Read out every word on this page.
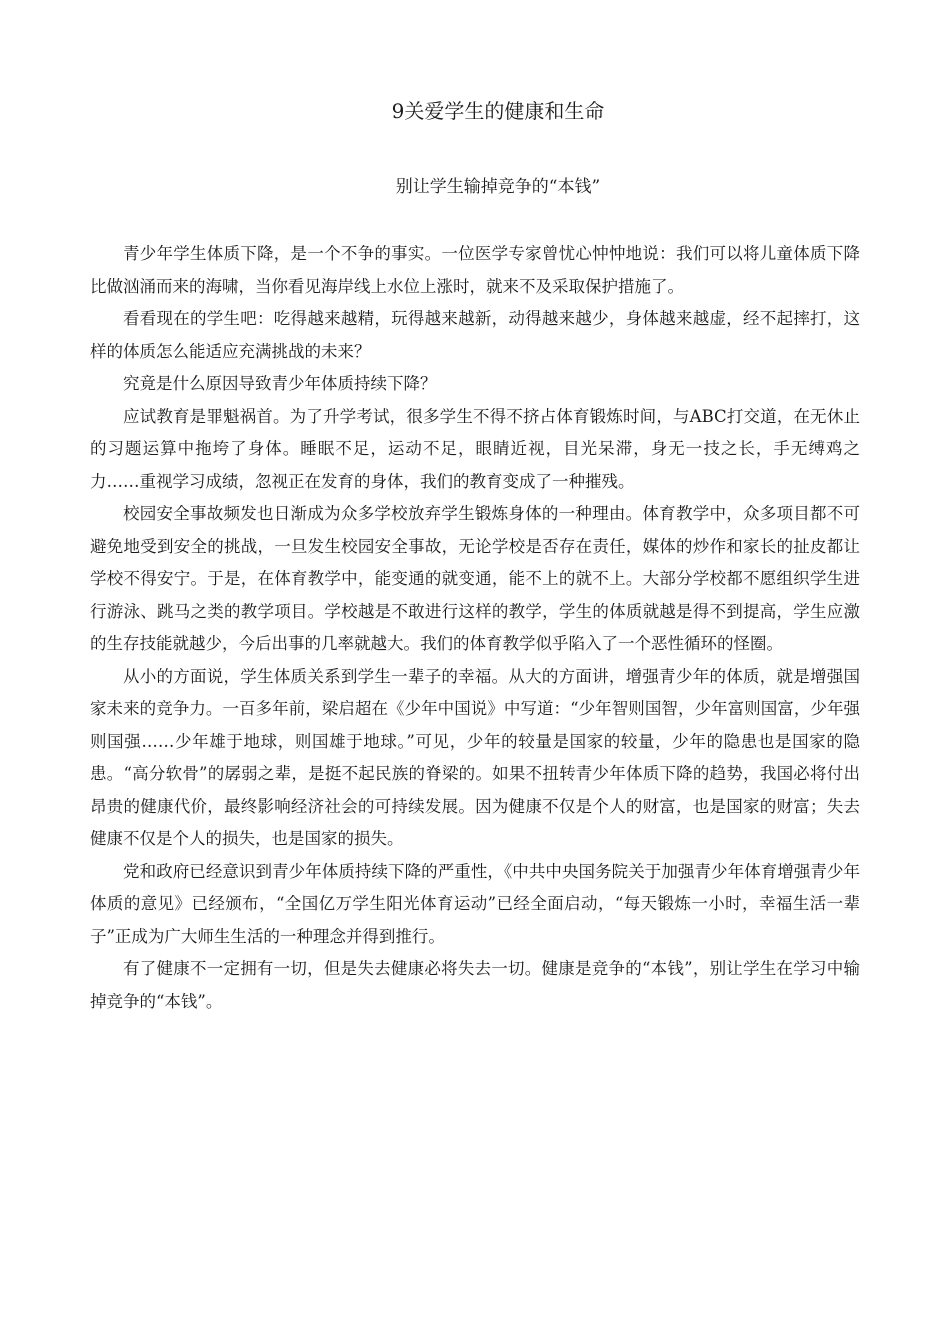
9关爱学生的健康和生命
别让学生输掉竞争的“本钱”

青少年学生体质下降，是一个不争的事实。一位医学专家曾忧心忡忡地说：我们可以将儿童体质下降比做汹涌而来的海啸，当你看见海岸线上水位上涨时，就来不及采取保护措施了。

看看现在的学生吧：吃得越来越精，玩得越来越新，动得越来越少，身体越来越虚，经不起摔打，这样的体质怎么能适应充满挑战的未来？

究竟是什么原因导致青少年体质持续下降？

应试教育是罪魁祸首。为了升学考试，很多学生不得不挤占体育锻炼时间，与ABC打交道，在无休止的习题运算中拖垮了身体。睡眠不足，运动不足，眼睛近视，目光呆滞，身无一技之长，手无缚鸡之力……重视学习成绩，忽视正在发育的身体，我们的教育变成了一种摧残。

校园安全事故频发也日渐成为众多学校放弃学生锻炼身体的一种理由。体育教学中，众多项目都不可避免地受到安全的挑战，一旦发生校园安全事故，无论学校是否存在责任，媒体的炒作和家长的扯皮都让学校不得安宁。于是，在体育教学中，能变通的就变通，能不上的就不上。大部分学校都不愿组织学生进行游泳、跳马之类的教学项目。学校越是不敢进行这样的教学，学生的体质就越是得不到提高，学生应激的生存技能就越少，今后出事的几率就越大。我们的体育教学似乎陷入了一个恶性循环的怪圈。

从小的方面说，学生体质关系到学生一辈子的幸福。从大的方面讲，增强青少年的体质，就是增强国家未来的竞争力。一百多年前，梁启超在《少年中国说》中写道：“少年智则国智，少年富则国富，少年强则国强……少年雄于地球，则国雄于地球。”可见，少年的较量是国家的较量，少年的隐患也是国家的隐患。“高分软骨”的孱弱之辈，是挺不起民族的脊梁的。如果不扭转青少年体质下降的趋势，我国必将付出昂贵的健康代价，最终影响经济社会的可持续发展。因为健康不仅是个人的财富，也是国家的财富；失去健康不仅是个人的损失，也是国家的损失。

党和政府已经意识到青少年体质持续下降的严重性，《中共中央国务院关于加强青少年体育增强青少年体质的意见》已经颁布，“全国亿万学生阳光体育运动”已经全面启动，“每天锻炼一小时，幸福生活一辈子”正成为广大师生生活的一种理念并得到推行。

有了健康不一定拥有一切，但是失去健康必将失去一切。健康是竞争的“本钱”，别让学生在学习中输掉竞争的“本钱”。
